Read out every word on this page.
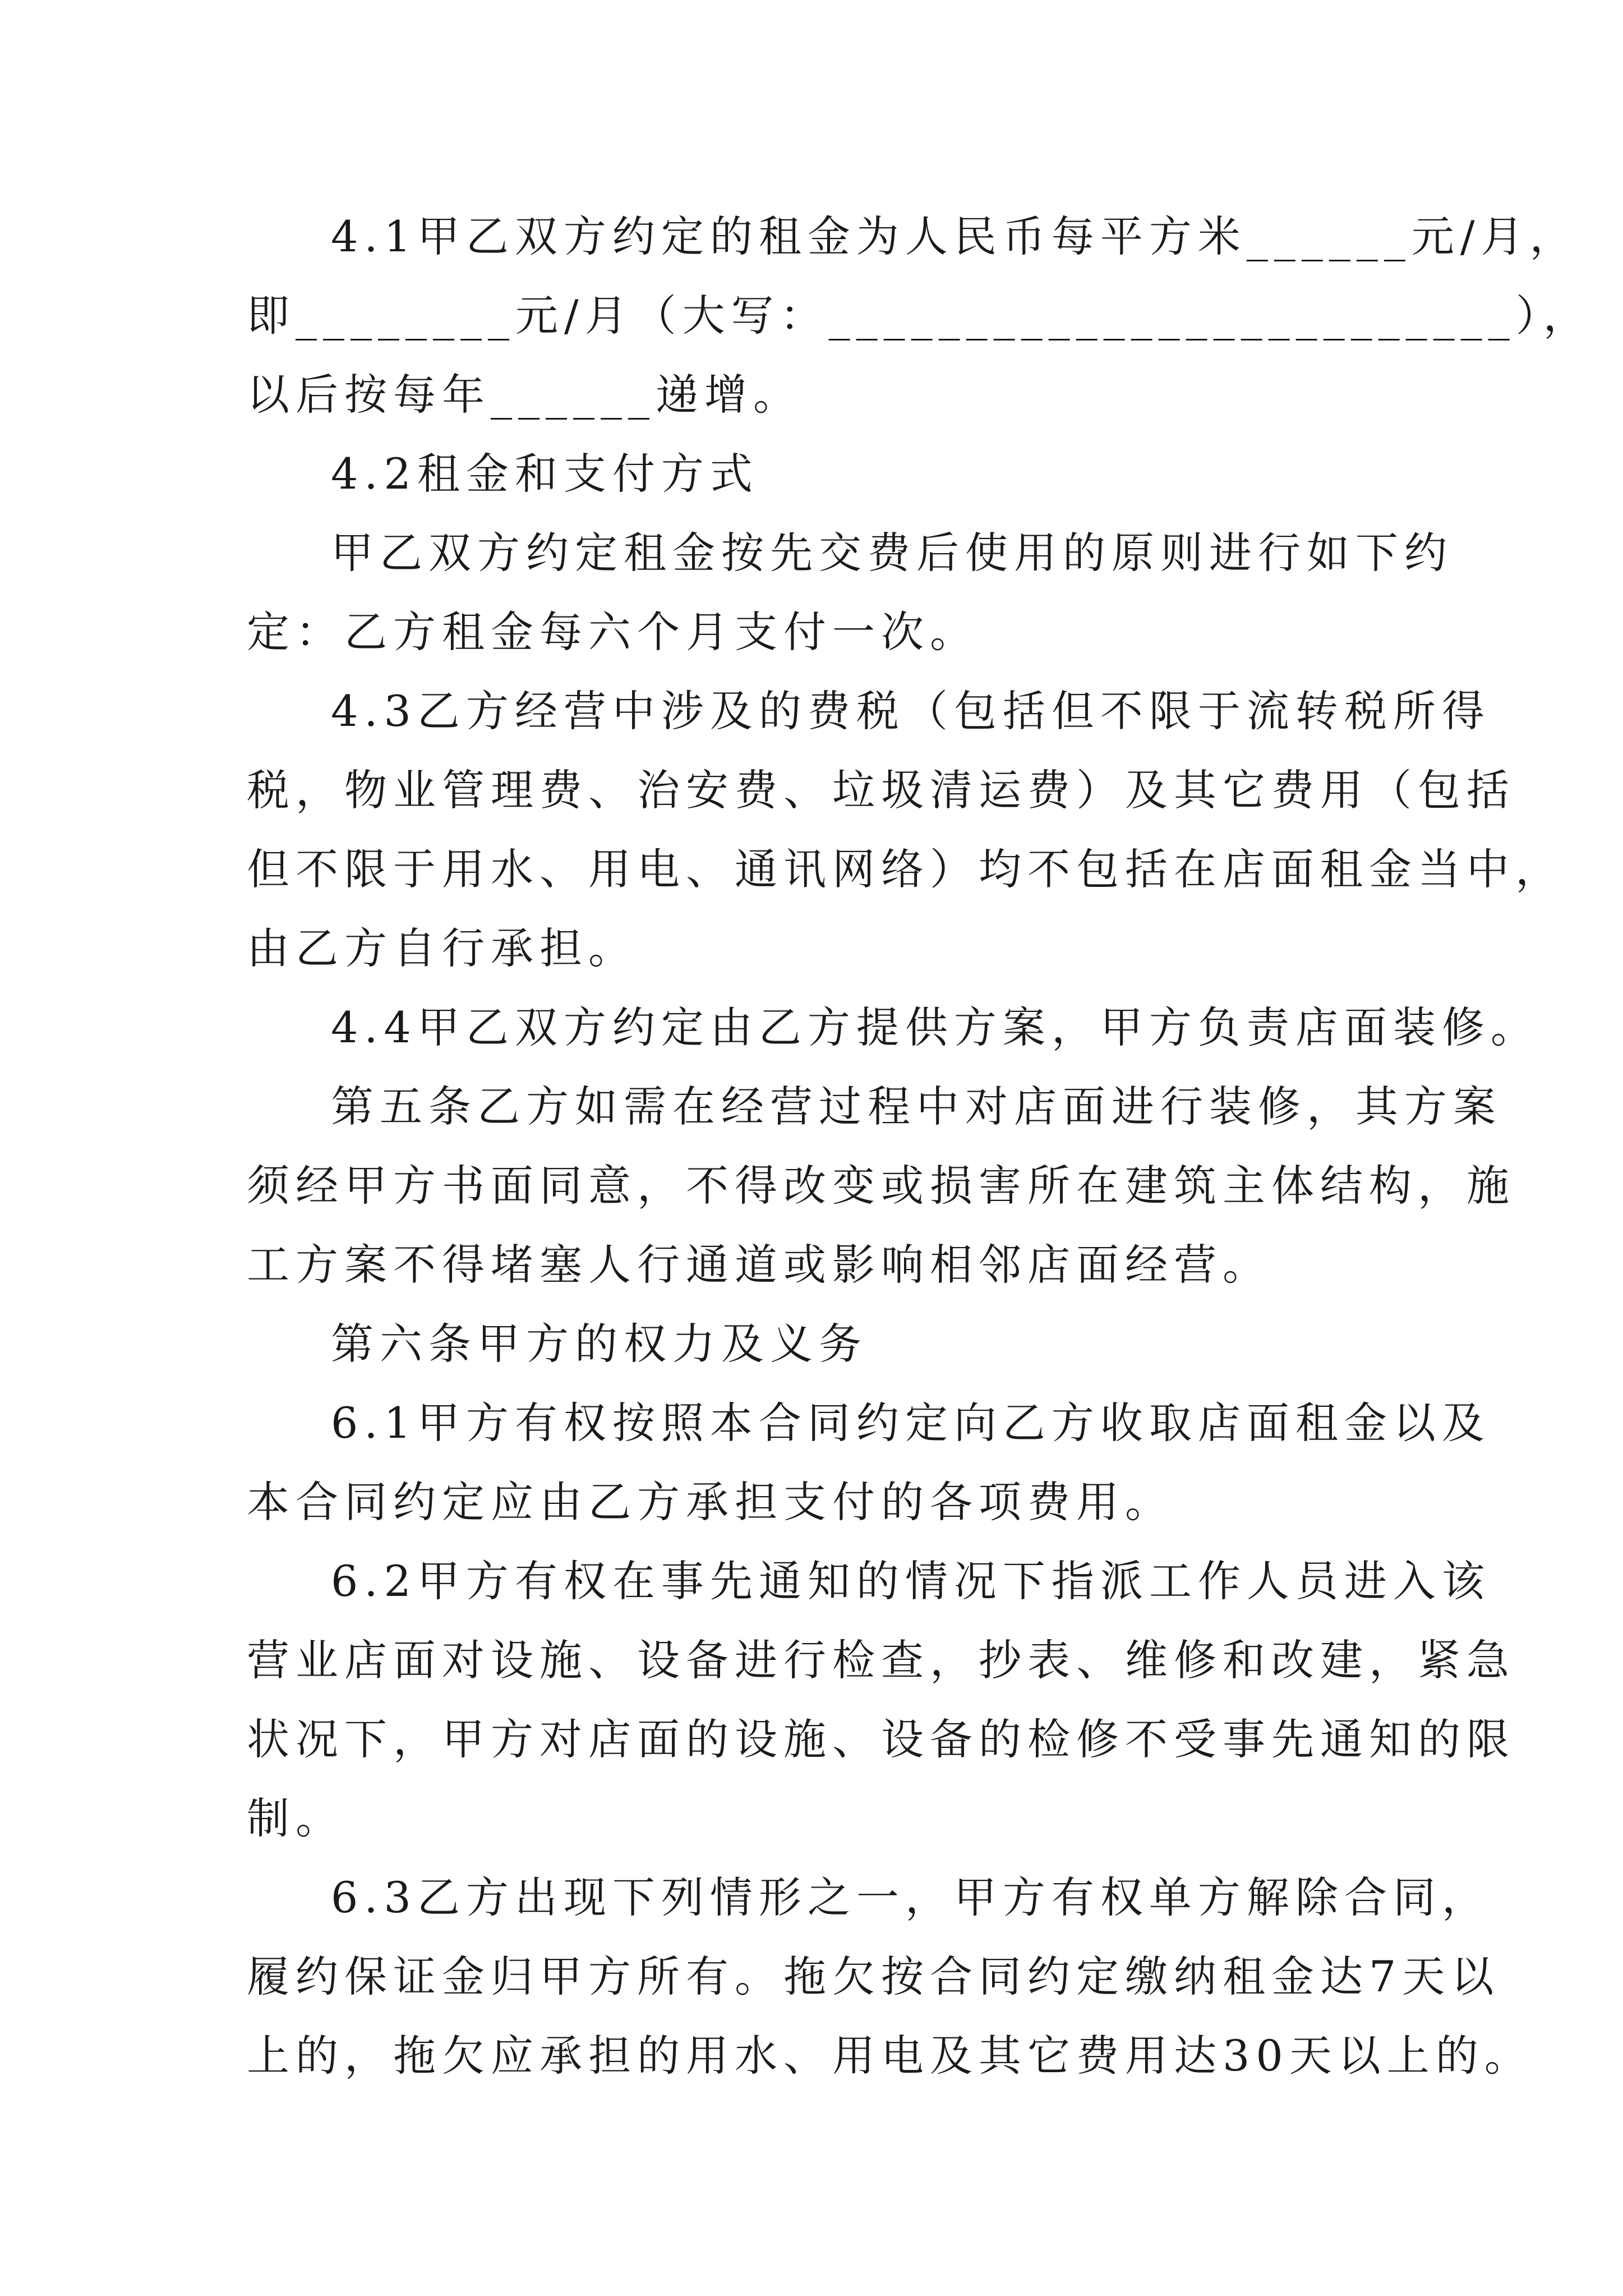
4.1甲乙双方约定的租金为人民币每平方米______元/月，
即________元/月（大写：_________________________），
以后按每年______递增。
4.2租金和支付方式
甲乙双方约定租金按先交费后使用的原则进行如下约
定：乙方租金每六个月支付一次。
4.3乙方经营中涉及的费税（包括但不限于流转税所得
税，物业管理费、治安费、垃圾清运费）及其它费用（包括
但不限于用水、用电、通讯网络）均不包括在店面租金当中，
由乙方自行承担。
4.4甲乙双方约定由乙方提供方案，甲方负责店面装修。
第五条乙方如需在经营过程中对店面进行装修，其方案
须经甲方书面同意，不得改变或损害所在建筑主体结构，施
工方案不得堵塞人行通道或影响相邻店面经营。
第六条甲方的权力及义务
6.1甲方有权按照本合同约定向乙方收取店面租金以及
本合同约定应由乙方承担支付的各项费用。
6.2甲方有权在事先通知的情况下指派工作人员进入该
营业店面对设施、设备进行检查，抄表、维修和改建，紧急
状况下，甲方对店面的设施、设备的检修不受事先通知的限
制。
6.3乙方出现下列情形之一，甲方有权单方解除合同，
履约保证金归甲方所有。拖欠按合同约定缴纳租金达7天以
上的，拖欠应承担的用水、用电及其它费用达30天以上的。
